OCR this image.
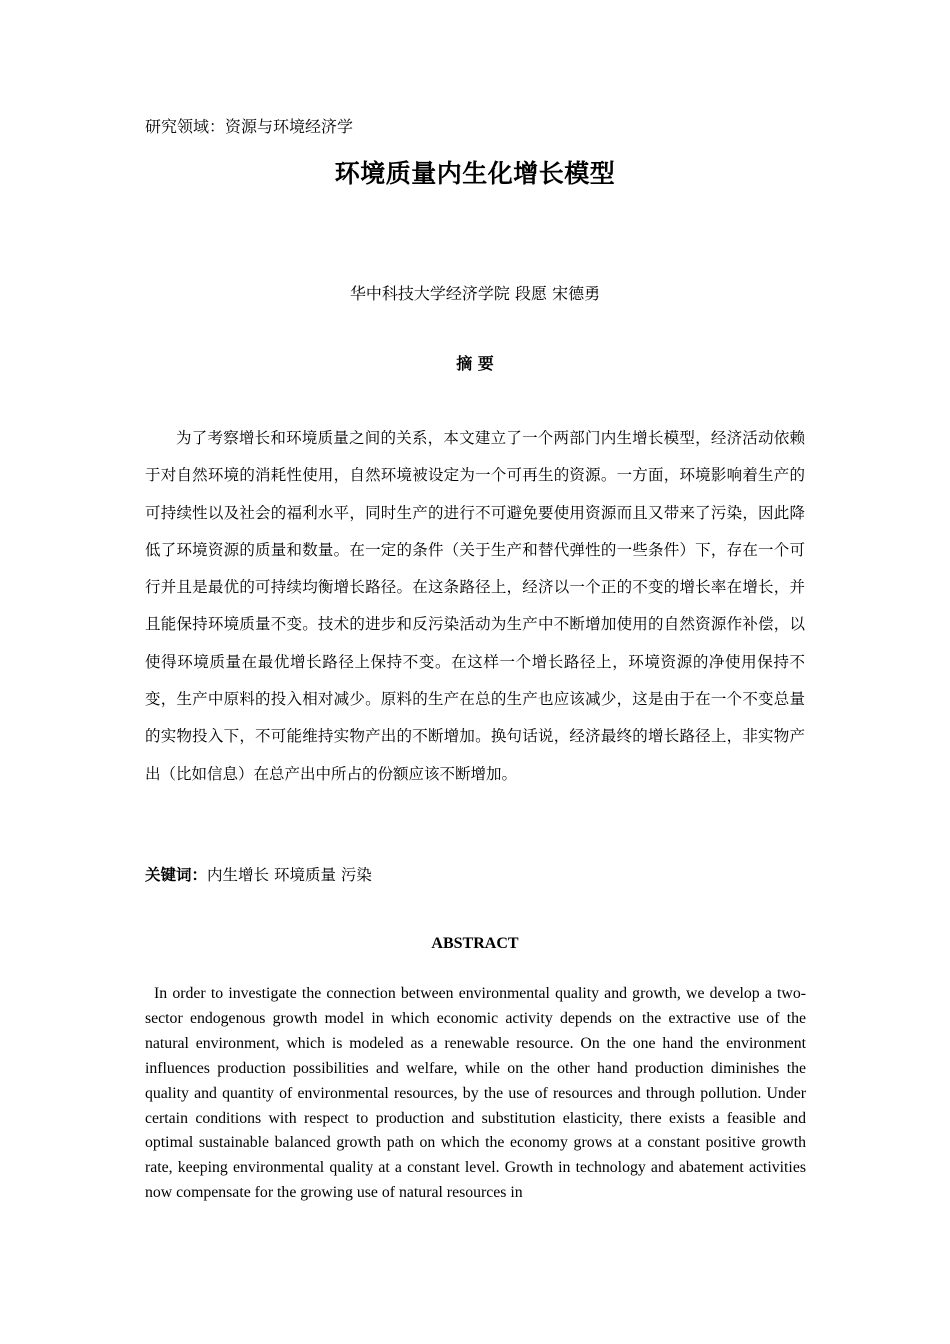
研究领域：资源与环境经济学
环境质量内生化增长模型
华中科技大学经济学院 段愿 宋德勇
摘 要

为了考察增长和环境质量之间的关系，本文建立了一个两部门内生增长模型，经济活动依赖于对自然环境的消耗性使用，自然环境被设定为一个可再生的资源。一方面，环境影响着生产的可持续性以及社会的福利水平，同时生产的进行不可避免要使用资源而且又带来了污染，因此降低了环境资源的质量和数量。在一定的条件（关于生产和替代弹性的一些条件）下，存在一个可行并且是最优的可持续均衡增长路径。在这条路径上，经济以一个正的不变的增长率在增长，并且能保持环境质量不变。技术的进步和反污染活动为生产中不断增加使用的自然资源作补偿，以使得环境质量在最优增长路径上保持不变。在这样一个增长路径上，环境资源的净使用保持不变，生产中原料的投入相对减少。原料的生产在总的生产也应该减少，这是由于在一个不变总量的实物投入下，不可能维持实物产出的不断增加。换句话说，经济最终的增长路径上，非实物产出（比如信息）在总产出中所占的份额应该不断增加。

关键词：内生增长 环境质量 污染
ABSTRACT

In order to investigate the connection between environmental quality and growth, we develop a two-sector endogenous growth model in which economic activity depends on the extractive use of the natural environment, which is modeled as a renewable resource. On the one hand the environment influences production possibilities and welfare, while on the other hand production diminishes the quality and quantity of environmental resources, by the use of resources and through pollution. Under certain conditions with respect to production and substitution elasticity, there exists a feasible and optimal sustainable balanced growth path on which the economy grows at a constant positive growth rate, keeping environmental quality at a constant level. Growth in technology and abatement activities now compensate for the growing use of natural resources in
